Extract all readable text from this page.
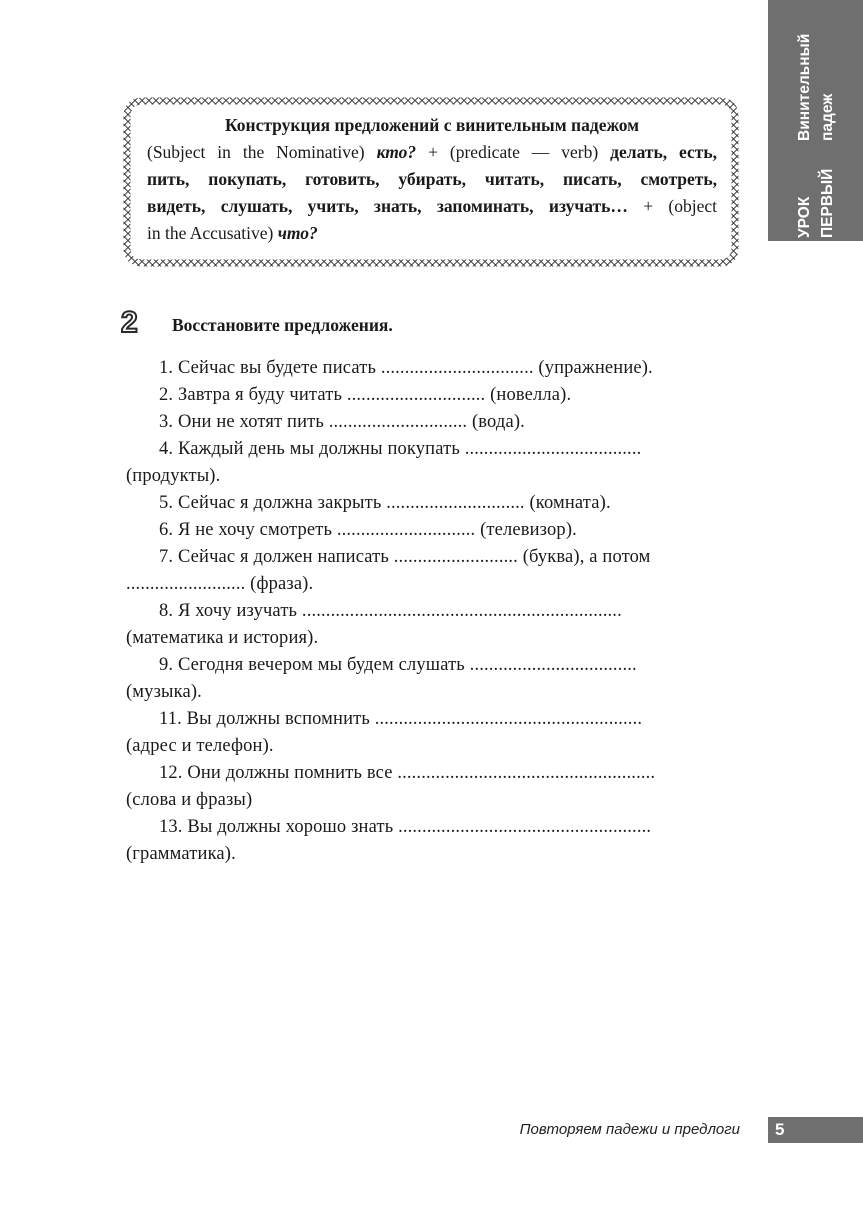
УРОК ПЕРВЫЙ
Винительный падеж
Конструкция предложений с винительным падежом
(Subject in the Nominative) кто? + (predicate — verb) делать, есть,
пить, покупать, готовить, убирать, читать, писать, смотреть,
видеть, слушать, учить, знать, запоминать, изучать… + (object
in the Accusative) что?
2	Восстановите предложения.
1. Сейчас вы будете писать ................................ (упражнение).
2. Завтра я буду читать ............................. (новелла).
3. Они не хотят пить ............................. (вода).
4. Каждый день мы должны покупать .....................................
(продукты).
5. Сейчас я должна закрыть ............................. (комната).
6. Я не хочу смотреть ............................. (телевизор).
7. Сейчас я должен написать .......................... (буква), а потом
......................... (фраза).
8. Я хочу изучать ...................................................................
(математика и история).
9. Сегодня вечером мы будем слушать ...................................
(музыка).
11. Вы должны вспомнить ........................................................
(адрес и телефон).
12. Они должны помнить все ......................................................
(слова и фразы)
13. Вы должны хорошо знать .....................................................
(грамматика).
Повторяем падежи и предлоги 5
